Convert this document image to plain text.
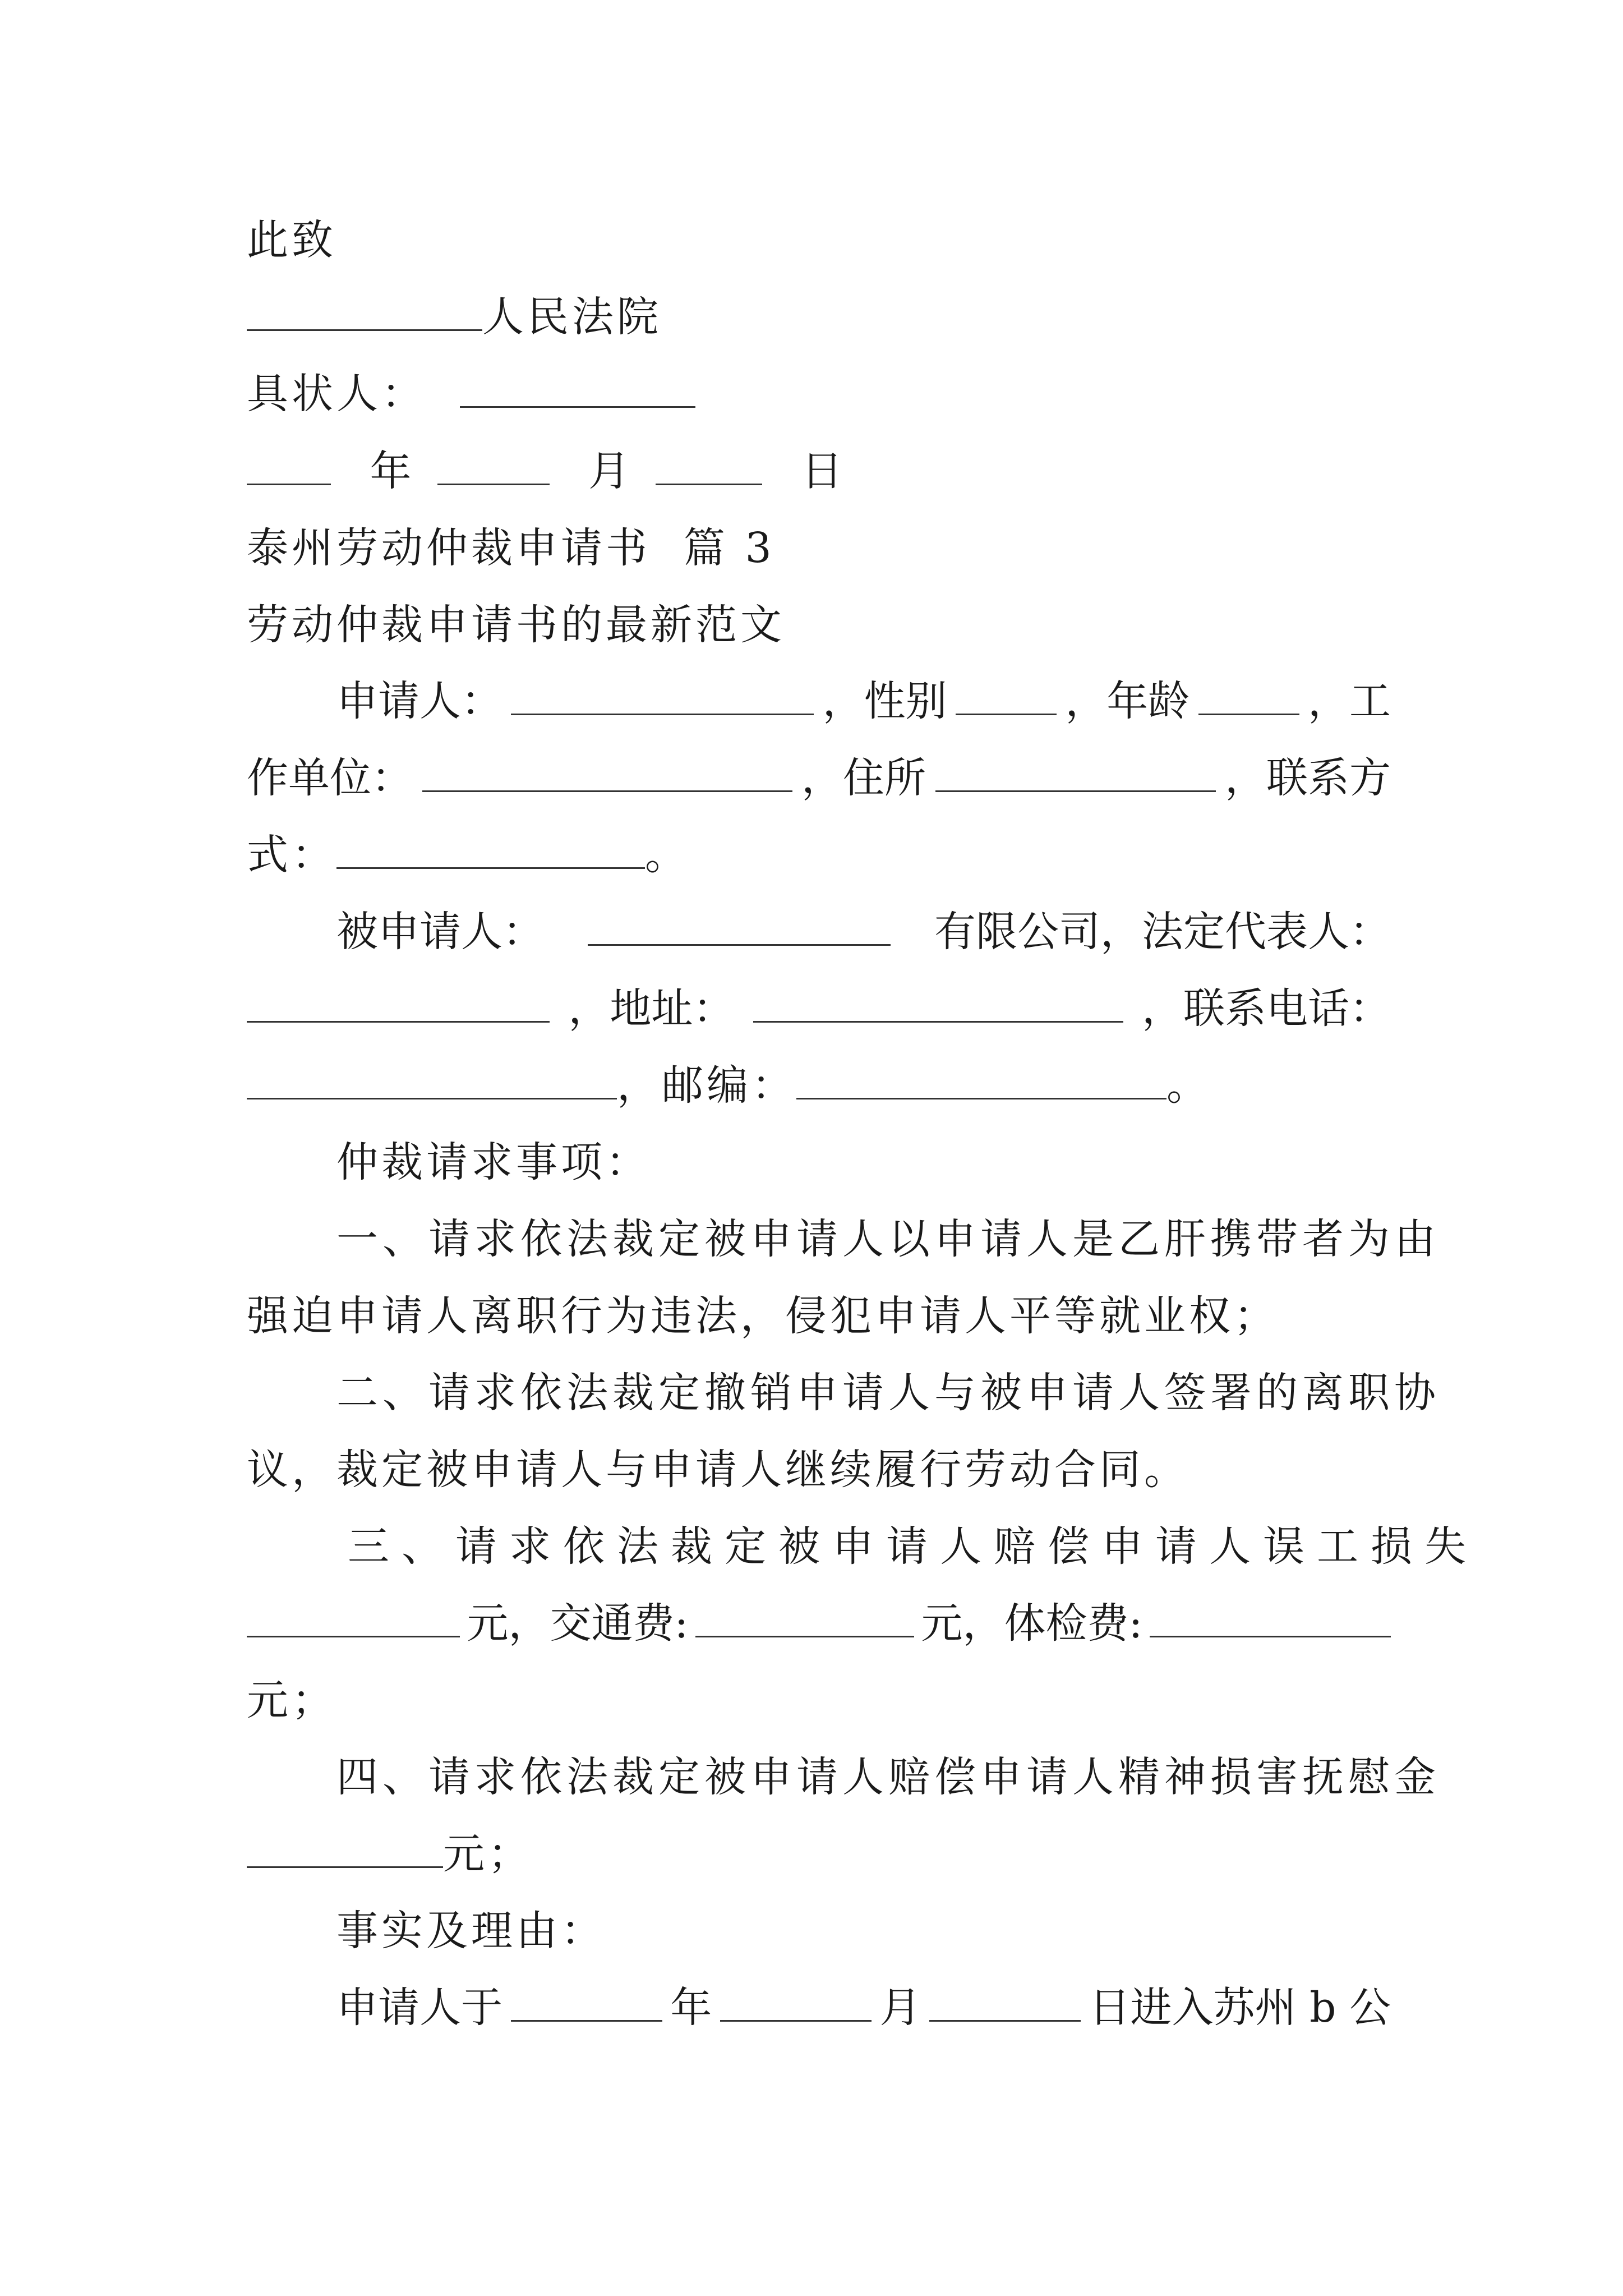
此致
人民法院
具状人：
年	月	日
泰州劳动仲裁申请书  篇 3
劳动仲裁申请书的最新范文
申请人：	，性别	，年龄	，工
作单位：	，住所	，联系方
式：	。
被申请人：	有限公司，法定代表人：
，地址：	，联系电话：
，邮编：	。
仲裁请求事项：
一、请求依法裁定被申请人以申请人是乙肝携带者为由
强迫申请人离职行为违法，侵犯申请人平等就业权；
二、请求依法裁定撤销申请人与被申请人签署的离职协
议，裁定被申请人与申请人继续履行劳动合同。
三、请求依法裁定被申请人赔偿申请人误工损失
元，交通费:	元，体检费:
元；
四、请求依法裁定被申请人赔偿申请人精神损害抚慰金
元；
事实及理由：
申请人于	年	月	日进入苏州 b 公
